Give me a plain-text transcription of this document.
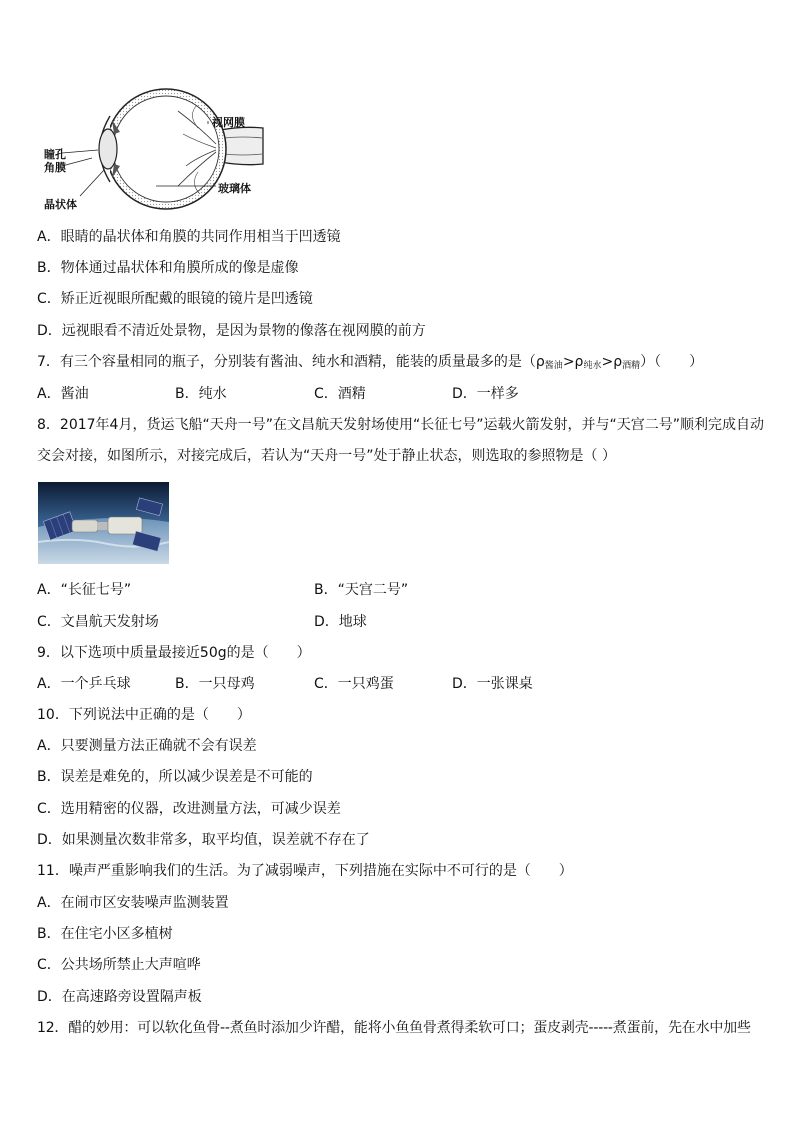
视网膜
瞳孔
角膜
玻璃体
晶状体
A．眼睛的晶状体和角膜的共同作用相当于凹透镜
B．物体通过晶状体和角膜所成的像是虚像
C．矫正近视眼所配戴的眼镜的镜片是凹透镜
D．远视眼看不清近处景物，是因为景物的像落在视网膜的前方
7．有三个容量相同的瓶子，分别装有酱油、纯水和酒精，能装的质量最多的是$(\rho_{酱油}>\rho_{纯水}>\rho_{酒精})$（　　）
A．酱油	B．纯水	C．酒精	D．一样多
8．2017年4月，货运飞船“天舟一号”在文昌航天发射场使用“长征七号”运载火箭发射，并与“天宫二号”顺利完成自动
交会对接，如图所示，对接完成后，若认为“天舟一号”处于静止状态，则选取的参照物是（ ）
A．“长征七号”	B．“天宫二号”
C．文昌航天发射场	D．地球
9．以下选项中质量最接近50g的是（　　）
A．一个乒乓球	B．一只母鸡	C．一只鸡蛋	D．一张课桌
10．下列说法中正确的是（　　）
A．只要测量方法正确就不会有误差
B．误差是难免的，所以减少误差是不可能的
C．选用精密的仪器，改进测量方法，可减少误差
D．如果测量次数非常多，取平均值，误差就不存在了
11．噪声严重影响我们的生活。为了减弱噪声，下列措施在实际中不可行的是（　　）
A．在闹市区安装噪声监测装置
B．在住宅小区多植树
C．公共场所禁止大声喧哗
D．在高速路旁设置隔声板
12．醋的妙用：可以软化鱼骨--煮鱼时添加少许醋，能将小鱼鱼骨煮得柔软可口；蛋皮剥壳-----煮蛋前，先在水中加些
